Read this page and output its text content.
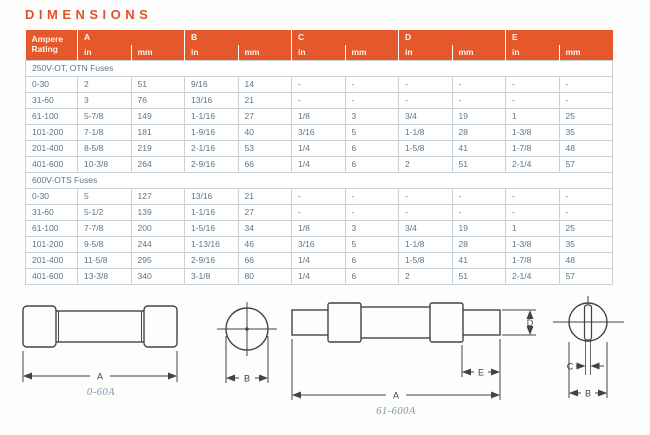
DIMENSIONS
Ampere Rating	A		B		C		D		E	
	in	mm	in	mm	in	mm	in	mm	in	mm
250V-OT, OTN Fuses										
0-30	2	51	9/16	14	-	-	-	-	-	-
31-60	3	76	13/16	21	-	-	-	-	-	-
61-100	5-7/8	149	1-1/16	27	1/8	3	3/4	19	1	25
101-200	7-1/8	181	1-9/16	40	3/16	5	1-1/8	28	1-3/8	35
201-400	8-5/8	219	2-1/16	53	1/4	6	1-5/8	41	1-7/8	48
401-600	10-3/8	264	2-9/16	66	1/4	6	2	51	2-1/4	57
600V-OTS Fuses										
0-30	5	127	13/16	21	-	-	-	-	-	-
31-60	5-1/2	139	1-1/16	27	-	-	-	-	-	-
61-100	7-7/8	200	1-5/16	34	1/8	3	3/4	19	1	25
101-200	9-5/8	244	1-13/16	46	3/16	5	1-1/8	28	1-3/8	35
201-400	11-5/8	295	2-9/16	66	1/4	6	1-5/8	41	1-7/8	48
401-600	13-3/8	340	3-1/8	80	1/4	6	2	51	2-1/4	57
A
0-60A
B
D
E
A
61-600A
C
B
